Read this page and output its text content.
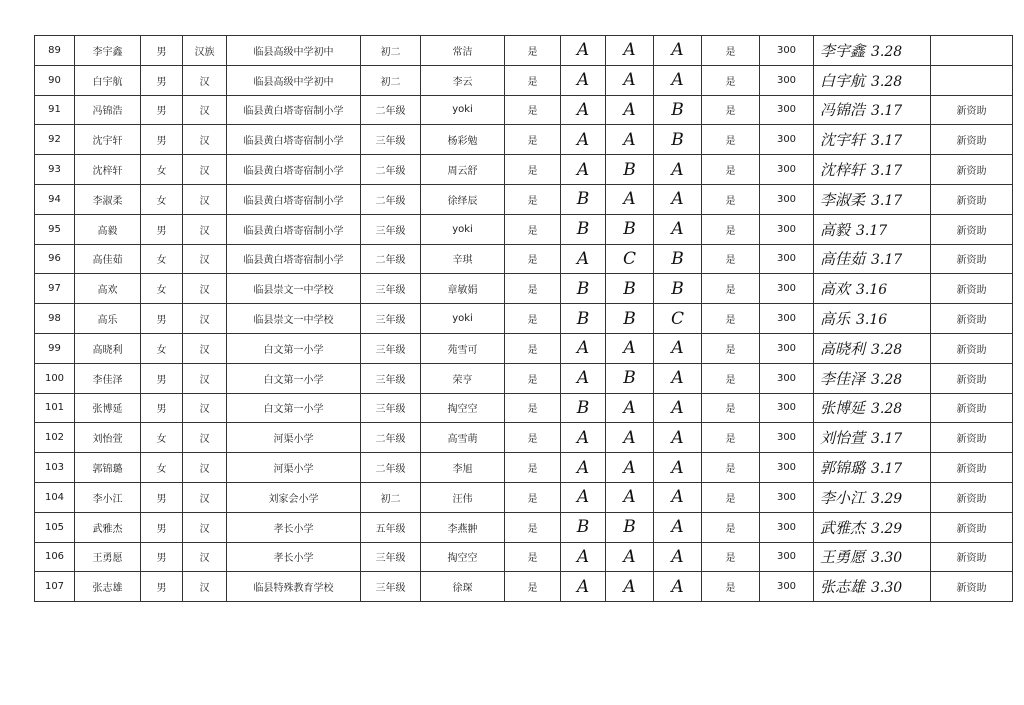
89	李宇鑫	男	汉族	临县高级中学初中	初二	常洁	是	A	A	A	是	300	李宇鑫 3.28	
90	白宇航	男	汉	临县高级中学初中	初二	李云	是	A	A	A	是	300	白宇航 3.28	
91	冯锦浩	男	汉	临县黄白塔寄宿制小学	二年级	yoki	是	A	A	B	是	300	冯锦浩 3.17	新资助
92	沈宇轩	男	汉	临县黄白塔寄宿制小学	三年级	杨彩勉	是	A	A	B	是	300	沈宇轩 3.17	新资助
93	沈梓轩	女	汉	临县黄白塔寄宿制小学	二年级	周云舒	是	A	B	A	是	300	沈梓轩 3.17	新资助
94	李淑柔	女	汉	临县黄白塔寄宿制小学	二年级	徐绎辰	是	B	A	A	是	300	李淑柔 3.17	新资助
95	高毅	男	汉	临县黄白塔寄宿制小学	三年级	yoki	是	B	B	A	是	300	高毅 3.17	新资助
96	高佳茹	女	汉	临县黄白塔寄宿制小学	二年级	辛琪	是	A	C	B	是	300	高佳茹 3.17	新资助
97	高欢	女	汉	临县崇文一中学校	三年级	章敏娟	是	B	B	B	是	300	高欢 3.16	新资助
98	高乐	男	汉	临县崇文一中学校	三年级	yoki	是	B	B	C	是	300	高乐 3.16	新资助
99	高晓利	女	汉	白文第一小学	三年级	苑雪可	是	A	A	A	是	300	高晓利 3.28	新资助
100	李佳泽	男	汉	白文第一小学	三年级	荣亨	是	A	B	A	是	300	李佳泽 3.28	新资助
101	张博延	男	汉	白文第一小学	三年级	掏空空	是	B	A	A	是	300	张博延 3.28	新资助
102	刘怡萱	女	汉	河渠小学	二年级	高雪萌	是	A	A	A	是	300	刘怡萱 3.17	新资助
103	郭锦璐	女	汉	河渠小学	二年级	李旭	是	A	A	A	是	300	郭锦璐 3.17	新资助
104	李小江	男	汉	刘家会小学	初二	汪伟	是	A	A	A	是	300	李小江 3.29	新资助
105	武雅杰	男	汉	孝长小学	五年级	李燕翀	是	B	B	A	是	300	武雅杰 3.29	新资助
106	王勇愿	男	汉	孝长小学	三年级	掏空空	是	A	A	A	是	300	王勇愿 3.30	新资助
107	张志雄	男	汉	临县特殊教育学校	三年级	徐琛	是	A	A	A	是	300	张志雄 3.30	新资助
